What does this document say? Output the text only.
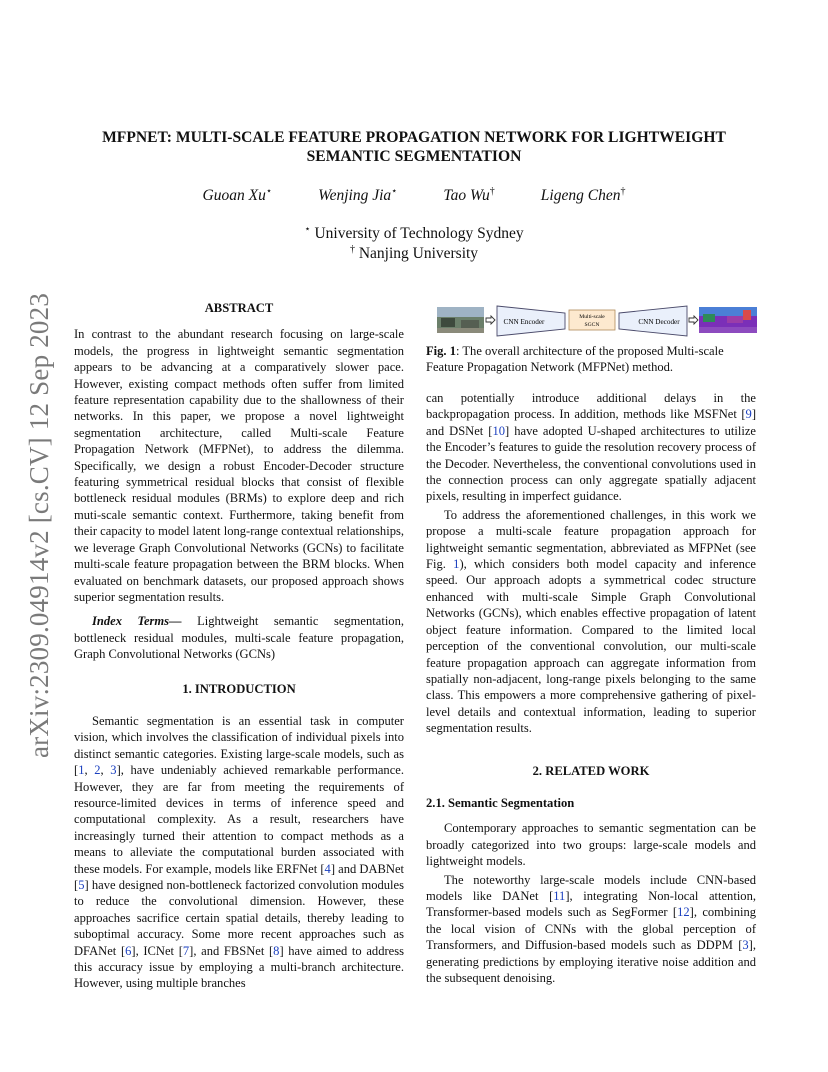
arXiv:2309.04914v2 [cs.CV] 12 Sep 2023
MFPNET: MULTI-SCALE FEATURE PROPAGATION NETWORK FOR LIGHTWEIGHT
SEMANTIC SEGMENTATION
Guoan Xu⋆	Wenjing Jia⋆	Tao Wu†	Ligeng Chen†
⋆ University of Technology Sydney
† Nanjing University

ABSTRACT

In contrast to the abundant research focusing on large-scale models, the progress in lightweight semantic segmentation appears to be advancing at a comparatively slower pace. However, existing compact methods often suffer from limited feature representation capability due to the shallowness of their networks. In this paper, we propose a novel lightweight segmentation architecture, called Multi-scale Feature Propagation Network (MFPNet), to address the dilemma. Specifically, we design a robust Encoder-Decoder structure featuring symmetrical residual blocks that consist of flexible bottleneck residual modules (BRMs) to explore deep and rich muti-scale semantic context. Furthermore, taking benefit from their capacity to model latent long-range contextual relationships, we leverage Graph Convolutional Networks (GCNs) to facilitate multi-scale feature propagation between the BRM blocks. When evaluated on benchmark datasets, our proposed approach shows superior segmentation results.

Index Terms— Lightweight semantic segmentation, bottleneck residual modules, multi-scale feature propagation, Graph Convolutional Networks (GCNs)

1. INTRODUCTION

Semantic segmentation is an essential task in computer vision, which involves the classification of individual pixels into distinct semantic categories. Existing large-scale models, such as [1, 2, 3], have undeniably achieved remarkable performance. However, they are far from meeting the requirements of resource-limited devices in terms of inference speed and computational complexity. As a result, researchers have increasingly turned their attention to compact methods as a means to alleviate the computational burden associated with these models. For example, models like ERFNet [4] and DABNet [5] have designed non-bottleneck factorized convolution modules to reduce the convolutional dimension. However, these approaches sacrifice certain spatial details, thereby leading to suboptimal accuracy. Some more recent approaches such as DFANet [6], ICNet [7], and FBSNet [8] have aimed to address this accuracy issue by employing a multi-branch architecture. However, using multiple branches

CNN Encoder
Multi-scale
SGCN	CNN Decoder
Fig. 1: The overall architecture of the proposed Multi-scale Feature Propagation Network (MFPNet) method.

can potentially introduce additional delays in the backpropagation process. In addition, methods like MSFNet [9] and DSNet [10] have adopted U-shaped architectures to utilize the Encoder’s features to guide the resolution recovery process of the Decoder. Nevertheless, the conventional convolutions used in the connection process can only aggregate spatially adjacent pixels, resulting in imperfect guidance.

To address the aforementioned challenges, in this work we propose a multi-scale feature propagation approach for lightweight semantic segmentation, abbreviated as MFPNet (see Fig. 1), which considers both model capacity and inference speed. Our approach adopts a symmetrical codec structure enhanced with multi-scale Simple Graph Convolutional Networks (GCNs), which enables effective propagation of latent object feature information. Compared to the limited local perception of the conventional convolution, our multi-scale feature propagation approach can aggregate information from spatially non-adjacent, long-range pixels belonging to the same class. This empowers a more comprehensive gathering of pixel-level details and contextual information, leading to superior segmentation results.

2. RELATED WORK

2.1. Semantic Segmentation

Contemporary approaches to semantic segmentation can be broadly categorized into two groups: large-scale models and lightweight models.

The noteworthy large-scale models include CNN-based models like DANet [11], integrating Non-local attention, Transformer-based models such as SegFormer [12], combining the local vision of CNNs with the global perception of Transformers, and Diffusion-based models such as DDPM [3], generating predictions by employing iterative noise addition and the subsequent denoising.
